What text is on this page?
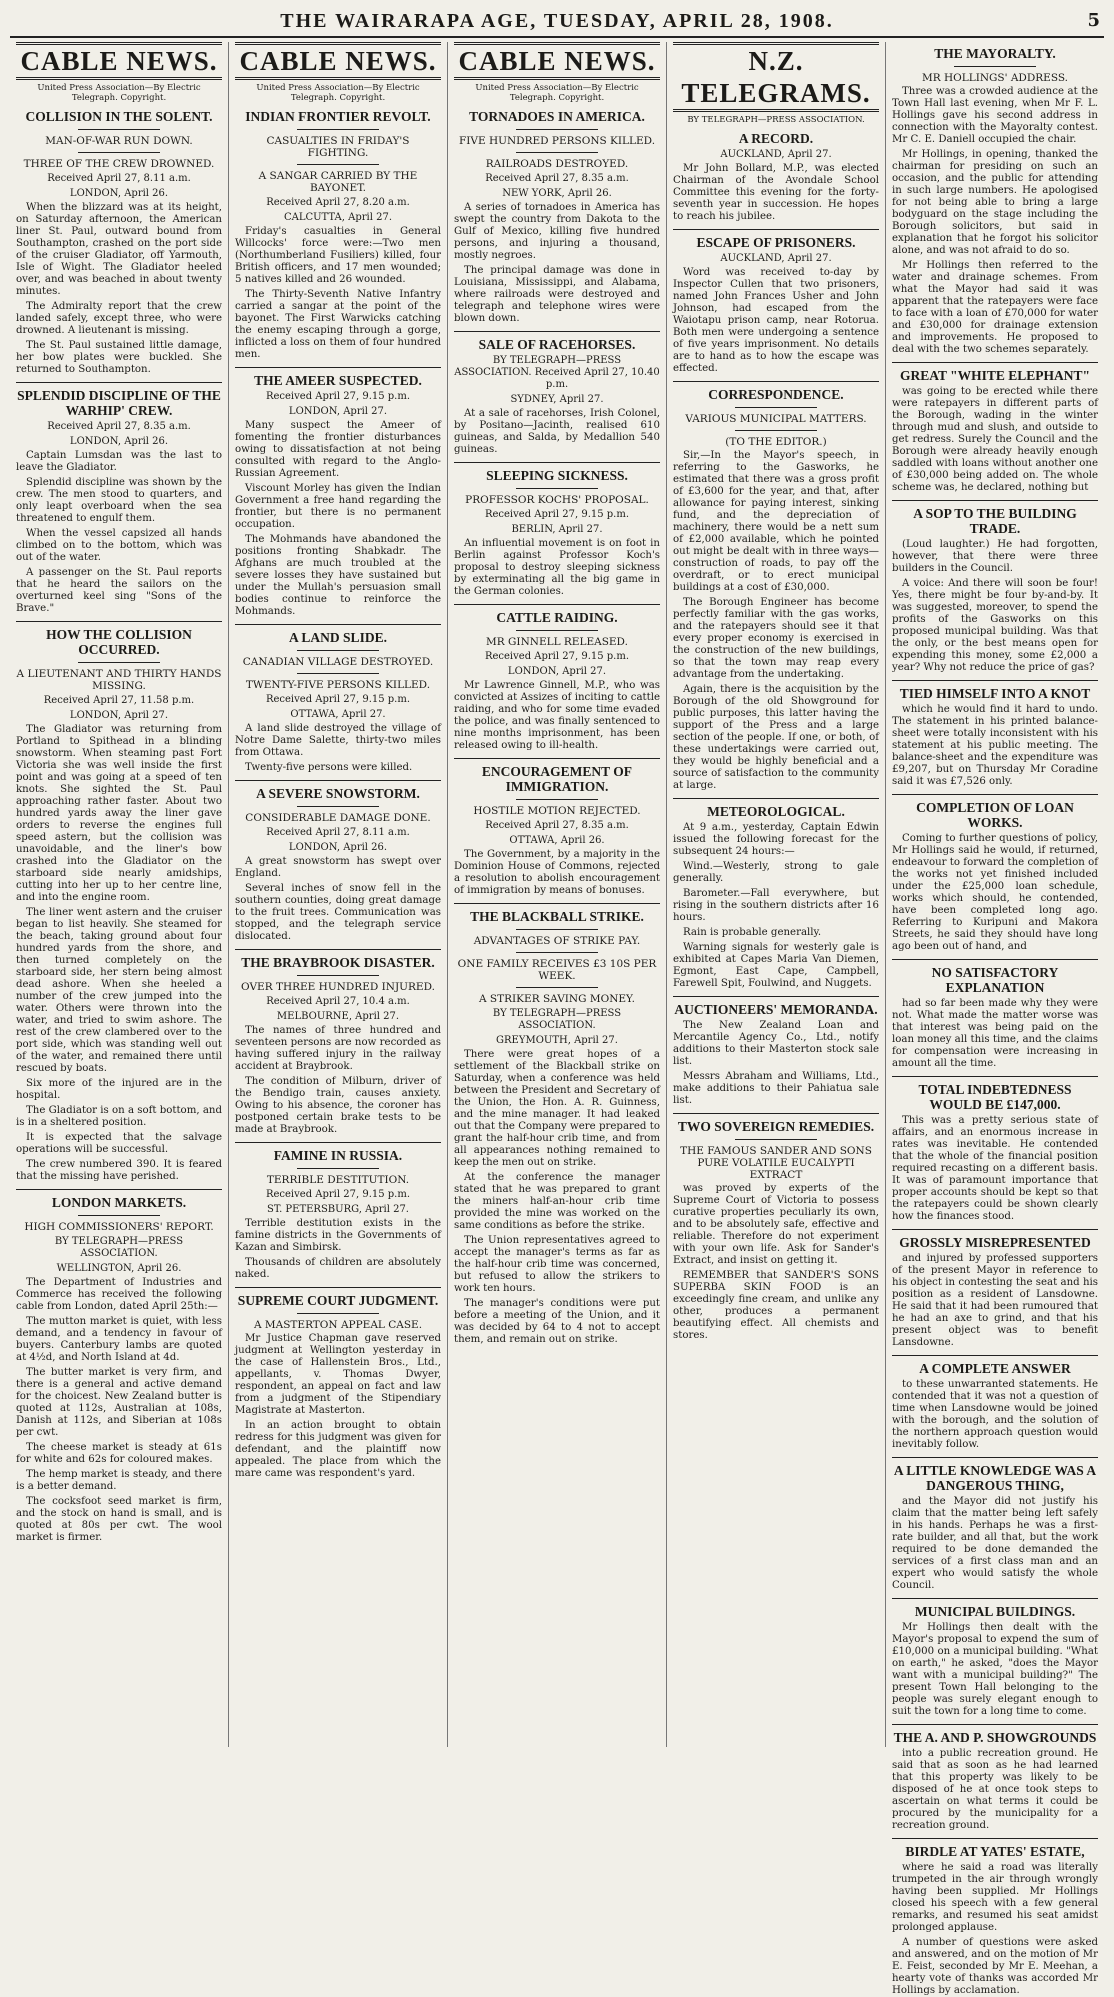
THE WAIRARAPA AGE, TUESDAY, APRIL 28, 1908.	5
CABLE NEWS.
United Press Association—By Electric Telegraph. Copyright.
COLLISION IN THE SOLENT.
MAN-OF-WAR RUN DOWN.
THREE OF THE CREW DROWNED.
Received April 27, 8.11 a.m.
LONDON, April 26.

When the blizzard was at its height, on Saturday afternoon, the American liner St. Paul, outward bound from Southampton, crashed on the port side of the cruiser Gladiator, off Yarmouth, Isle of Wight. The Gladiator heeled over, and was beached in about twenty minutes.

The Admiralty report that the crew landed safely, except three, who were drowned. A lieutenant is missing.

The St. Paul sustained little damage, her bow plates were buckled. She returned to Southampton.

SPLENDID DISCIPLINE OF THE WARHIP' CREW.
Received April 27, 8.35 a.m.
LONDON, April 26.

Captain Lumsdan was the last to leave the Gladiator.

Splendid discipline was shown by the crew. The men stood to quarters, and only leapt overboard when the sea threatened to engulf them.

When the vessel capsized all hands climbed on to the bottom, which was out of the water.

A passenger on the St. Paul reports that he heard the sailors on the overturned keel sing "Sons of the Brave."

HOW THE COLLISION OCCURRED.
A LIEUTENANT AND THIRTY HANDS MISSING.
Received April 27, 11.58 p.m.
LONDON, April 27.

The Gladiator was returning from Portland to Spithead in a blinding snowstorm. When steaming past Fort Victoria she was well inside the first point and was going at a speed of ten knots. She sighted the St. Paul approaching rather faster. About two hundred yards away the liner gave orders to reverse the engines full speed astern, but the collision was unavoidable, and the liner's bow crashed into the Gladiator on the starboard side nearly amidships, cutting into her up to her centre line, and into the engine room.

The liner went astern and the cruiser began to list heavily. She steamed for the beach, taking ground about four hundred yards from the shore, and then turned completely on the starboard side, her stern being almost dead ashore. When she heeled a number of the crew jumped into the water. Others were thrown into the water, and tried to swim ashore. The rest of the crew clambered over to the port side, which was standing well out of the water, and remained there until rescued by boats.

Six more of the injured are in the hospital.

The Gladiator is on a soft bottom, and is in a sheltered position.

It is expected that the salvage operations will be successful.

The crew numbered 390. It is feared that the missing have perished.

LONDON MARKETS.
HIGH COMMISSIONERS' REPORT.
BY TELEGRAPH—PRESS ASSOCIATION.
WELLINGTON, April 26.

The Department of Industries and Commerce has received the following cable from London, dated April 25th:—

The mutton market is quiet, with less demand, and a tendency in favour of buyers. Canterbury lambs are quoted at 4½d, and North Island at 4d.

The butter market is very firm, and there is a general and active demand for the choicest. New Zealand butter is quoted at 112s, Australian at 108s, Danish at 112s, and Siberian at 108s per cwt.

The cheese market is steady at 61s for white and 62s for coloured makes.

The hemp market is steady, and there is a better demand.

The cocksfoot seed market is firm, and the stock on hand is small, and is quoted at 80s per cwt. The wool market is firmer.

CABLE NEWS.
United Press Association—By Electric Telegraph. Copyright.
INDIAN FRONTIER REVOLT.
CASUALTIES IN FRIDAY'S FIGHTING.
A SANGAR CARRIED BY THE BAYONET.
Received April 27, 8.20 a.m.
CALCUTTA, April 27.

Friday's casualties in General Willcocks' force were:—Two men (Northumberland Fusiliers) killed, four British officers, and 17 men wounded; 5 natives killed and 26 wounded.

The Thirty-Seventh Native Infantry carried a sangar at the point of the bayonet. The First Warwicks catching the enemy escaping through a gorge, inflicted a loss on them of four hundred men.

THE AMEER SUSPECTED.
Received April 27, 9.15 p.m.
LONDON, April 27.

Many suspect the Ameer of fomenting the frontier disturbances owing to dissatisfaction at not being consulted with regard to the Anglo-Russian Agreement.

Viscount Morley has given the Indian Government a free hand regarding the frontier, but there is no permanent occupation.

The Mohmands have abandoned the positions fronting Shabkadr. The Afghans are much troubled at the severe losses they have sustained but under the Mullah's persuasion small bodies continue to reinforce the Mohmands.

A LAND SLIDE.
CANADIAN VILLAGE DESTROYED.
TWENTY-FIVE PERSONS KILLED.
Received April 27, 9.15 p.m.
OTTAWA, April 27.

A land slide destroyed the village of Notre Dame Salette, thirty-two miles from Ottawa.

Twenty-five persons were killed.

A SEVERE SNOWSTORM.
CONSIDERABLE DAMAGE DONE.
Received April 27, 8.11 a.m.
LONDON, April 26.

A great snowstorm has swept over England.

Several inches of snow fell in the southern counties, doing great damage to the fruit trees. Communication was stopped, and the telegraph service dislocated.

THE BRAYBROOK DISASTER.
OVER THREE HUNDRED INJURED.
Received April 27, 10.4 a.m.
MELBOURNE, April 27.

The names of three hundred and seventeen persons are now recorded as having suffered injury in the railway accident at Braybrook.

The condition of Milburn, driver of the Bendigo train, causes anxiety. Owing to his absence, the coroner has postponed certain brake tests to be made at Braybrook.

FAMINE IN RUSSIA.
TERRIBLE DESTITUTION.
Received April 27, 9.15 p.m.
ST. PETERSBURG, April 27.

Terrible destitution exists in the famine districts in the Governments of Kazan and Simbirsk.

Thousands of children are absolutely naked.

SUPREME COURT JUDGMENT.
A MASTERTON APPEAL CASE.

Mr Justice Chapman gave reserved judgment at Wellington yesterday in the case of Hallenstein Bros., Ltd., appellants, v. Thomas Dwyer, respondent, an appeal on fact and law from a judgment of the Stipendiary Magistrate at Masterton.

In an action brought to obtain redress for this judgment was given for defendant, and the plaintiff now appealed. The place from which the mare came was respondent's yard.

CABLE NEWS.
United Press Association—By Electric Telegraph. Copyright.
TORNADOES IN AMERICA.
FIVE HUNDRED PERSONS KILLED.
RAILROADS DESTROYED.
Received April 27, 8.35 a.m.
NEW YORK, April 26.

A series of tornadoes in America has swept the country from Dakota to the Gulf of Mexico, killing five hundred persons, and injuring a thousand, mostly negroes.

The principal damage was done in Louisiana, Mississippi, and Alabama, where railroads were destroyed and telegraph and telephone wires were blown down.

SALE OF RACEHORSES.
BY TELEGRAPH—PRESS ASSOCIATION. Received April 27, 10.40 p.m.
SYDNEY, April 27.

At a sale of racehorses, Irish Colonel, by Positano—Jacinth, realised 610 guineas, and Salda, by Medallion 540 guineas.

SLEEPING SICKNESS.
PROFESSOR KOCHS' PROPOSAL.
Received April 27, 9.15 p.m.
BERLIN, April 27.

An influential movement is on foot in Berlin against Professor Koch's proposal to destroy sleeping sickness by exterminating all the big game in the German colonies.

CATTLE RAIDING.
MR GINNELL RELEASED.
Received April 27, 9.15 p.m.
LONDON, April 27.

Mr Lawrence Ginnell, M.P., who was convicted at Assizes of inciting to cattle raiding, and who for some time evaded the police, and was finally sentenced to nine months imprisonment, has been released owing to ill-health.

ENCOURAGEMENT OF IMMIGRATION.
HOSTILE MOTION REJECTED.
Received April 27, 8.35 a.m.
OTTAWA, April 26.

The Government, by a majority in the Dominion House of Commons, rejected a resolution to abolish encouragement of immigration by means of bonuses.

THE BLACKBALL STRIKE.
ADVANTAGES OF STRIKE PAY.
ONE FAMILY RECEIVES £3 10S PER WEEK.
A STRIKER SAVING MONEY.
BY TELEGRAPH—PRESS ASSOCIATION.
GREYMOUTH, April 27.

There were great hopes of a settlement of the Blackball strike on Saturday, when a conference was held between the President and Secretary of the Union, the Hon. A. R. Guinness, and the mine manager. It had leaked out that the Company were prepared to grant the half-hour crib time, and from all appearances nothing remained to keep the men out on strike.

At the conference the manager stated that he was prepared to grant the miners half-an-hour crib time provided the mine was worked on the same conditions as before the strike.

The Union representatives agreed to accept the manager's terms as far as the half-hour crib time was concerned, but refused to allow the strikers to work ten hours.

The manager's conditions were put before a meeting of the Union, and it was decided by 64 to 4 not to accept them, and remain out on strike.

N.Z. TELEGRAMS.
BY TELEGRAPH—PRESS ASSOCIATION.
A RECORD.
AUCKLAND, April 27.

Mr John Bollard, M.P., was elected Chairman of the Avondale School Committee this evening for the forty-seventh year in succession. He hopes to reach his jubilee.

ESCAPE OF PRISONERS.
AUCKLAND, April 27.

Word was received to-day by Inspector Cullen that two prisoners, named John Frances Usher and John Johnson, had escaped from the Waiotapu prison camp, near Rotorua. Both men were undergoing a sentence of five years imprisonment. No details are to hand as to how the escape was effected.

CORRESPONDENCE.
VARIOUS MUNICIPAL MATTERS.
(TO THE EDITOR.)

Sir,—In the Mayor's speech, in referring to the Gasworks, he estimated that there was a gross profit of £3,600 for the year, and that, after allowance for paying interest, sinking fund, and the depreciation of machinery, there would be a nett sum of £2,000 available, which he pointed out might be dealt with in three ways—construction of roads, to pay off the overdraft, or to erect municipal buildings at a cost of £30,000.

The Borough Engineer has become perfectly familiar with the gas works, and the ratepayers should see it that every proper economy is exercised in the construction of the new buildings, so that the town may reap every advantage from the undertaking.

Again, there is the acquisition by the Borough of the old Showground for public purposes, this latter having the support of the Press and a large section of the people. If one, or both, of these undertakings were carried out, they would be highly beneficial and a source of satisfaction to the community at large.

METEOROLOGICAL.

At 9 a.m., yesterday, Captain Edwin issued the following forecast for the subsequent 24 hours:—

Wind.—Westerly, strong to gale generally.

Barometer.—Fall everywhere, but rising in the southern districts after 16 hours.

Rain is probable generally.

Warning signals for westerly gale is exhibited at Capes Maria Van Diemen, Egmont, East Cape, Campbell, Farewell Spit, Foulwind, and Nuggets.

AUCTIONEERS' MEMORANDA.

The New Zealand Loan and Mercantile Agency Co., Ltd., notify additions to their Masterton stock sale list.

Messrs Abraham and Williams, Ltd., make additions to their Pahiatua sale list.

TWO SOVEREIGN REMEDIES.
THE FAMOUS SANDER AND SONS PURE VOLATILE EUCALYPTI EXTRACT

was proved by experts of the Supreme Court of Victoria to possess curative properties peculiarly its own, and to be absolutely safe, effective and reliable. Therefore do not experiment with your own life. Ask for Sander's Extract, and insist on getting it.

REMEMBER that SANDER'S SONS SUPERBA SKIN FOOD is an exceedingly fine cream, and unlike any other, produces a permanent beautifying effect. All chemists and stores.

THE MAYORALTY.
MR HOLLINGS' ADDRESS.

Three was a crowded audience at the Town Hall last evening, when Mr F. L. Hollings gave his second address in connection with the Mayoralty contest. Mr C. E. Daniell occupied the chair.

Mr Hollings, in opening, thanked the chairman for presiding on such an occasion, and the public for attending in such large numbers. He apologised for not being able to bring a large bodyguard on the stage including the Borough solicitors, but said in explanation that he forgot his solicitor alone, and was not afraid to do so.

Mr Hollings then referred to the water and drainage schemes. From what the Mayor had said it was apparent that the ratepayers were face to face with a loan of £70,000 for water and £30,000 for drainage extension and improvements. He proposed to deal with the two schemes separately.

GREAT "WHITE ELEPHANT"

was going to be erected while there were ratepayers in different parts of the Borough, wading in the winter through mud and slush, and outside to get redress. Surely the Council and the Borough were already heavily enough saddled with loans without another one of £30,000 being added on. The whole scheme was, he declared, nothing but

A SOP TO THE BUILDING TRADE.

(Loud laughter.) He had forgotten, however, that there were three builders in the Council.

A voice: And there will soon be four! Yes, there might be four by-and-by. It was suggested, moreover, to spend the profits of the Gasworks on this proposed municipal building. Was that the only, or the best means open for expending this money, some £2,000 a year? Why not reduce the price of gas?

TIED HIMSELF INTO A KNOT

which he would find it hard to undo. The statement in his printed balance-sheet were totally inconsistent with his statement at his public meeting. The balance-sheet and the expenditure was £9,207, but on Thursday Mr Coradine said it was £7,526 only.

COMPLETION OF LOAN WORKS.

Coming to further questions of policy, Mr Hollings said he would, if returned, endeavour to forward the completion of the works not yet finished included under the £25,000 loan schedule, works which should, he contended, have been completed long ago. Referring to Kuripuni and Makora Streets, he said they should have long ago been out of hand, and

NO SATISFACTORY EXPLANATION

had so far been made why they were not. What made the matter worse was that interest was being paid on the loan money all this time, and the claims for compensation were increasing in amount all the time.

TOTAL INDEBTEDNESS WOULD BE £147,000.

This was a pretty serious state of affairs, and an enormous increase in rates was inevitable. He contended that the whole of the financial position required recasting on a different basis. It was of paramount importance that proper accounts should be kept so that the ratepayers could be shown clearly how the finances stood.

GROSSLY MISREPRESENTED

and injured by professed supporters of the present Mayor in reference to his object in contesting the seat and his position as a resident of Lansdowne. He said that it had been rumoured that he had an axe to grind, and that his present object was to benefit Lansdowne.

A COMPLETE ANSWER

to these unwarranted statements. He contended that it was not a question of time when Lansdowne would be joined with the borough, and the solution of the northern approach question would inevitably follow.

A LITTLE KNOWLEDGE WAS A DANGEROUS THING,

and the Mayor did not justify his claim that the matter being left safely in his hands. Perhaps he was a first-rate builder, and all that, but the work required to be done demanded the services of a first class man and an expert who would satisfy the whole Council.

MUNICIPAL BUILDINGS.

Mr Hollings then dealt with the Mayor's proposal to expend the sum of £10,000 on a municipal building. "What on earth," he asked, "does the Mayor want with a municipal building?" The present Town Hall belonging to the people was surely elegant enough to suit the town for a long time to come.

THE A. AND P. SHOWGROUNDS

into a public recreation ground. He said that as soon as he had learned that this property was likely to be disposed of he at once took steps to ascertain on what terms it could be procured by the municipality for a recreation ground.

BIRDLE AT YATES' ESTATE,

where he said a road was literally trumpeted in the air through wrongly having been supplied. Mr Hollings closed his speech with a few general remarks, and resumed his seat amidst prolonged applause.

A number of questions were asked and answered, and on the motion of Mr E. Feist, seconded by Mr E. Meehan, a hearty vote of thanks was accorded Mr Hollings by acclamation.
